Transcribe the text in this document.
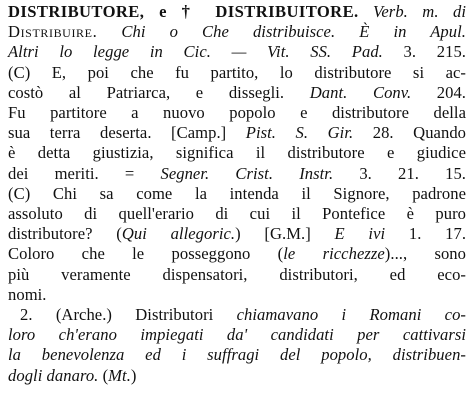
DISTRIBUTORE, e † DISTRIBUITORE. Verb. m. di
Distribuire. Chi o Che distribuisce. È in Apul.
Altri lo legge in Cic. — Vit. SS. Pad. 3. 215.
(C) E, poi che fu partito, lo distributore si ac-
costò al Patriarca, e dissegli. Dant. Conv. 204.
Fu partitore a nuovo popolo e distributore della
sua terra deserta. [Camp.] Pist. S. Gir. 28. Quando
è detta giustizia, significa il distributore e giudice
dei meriti. = Segner. Crist. Instr. 3. 21. 15.
(C) Chi sa come la intenda il Signore, padrone
assoluto di quell'erario di cui il Pontefice è puro
distributore? (Qui allegoric.) [G.M.] E ivi 1. 17.
Coloro che le posseggono (le ricchezze)..., sono
più veramente dispensatori, distributori, ed eco-
nomi.
2. (Arche.) Distributori chiamavano i Romani co-
loro ch'erano impiegati da' candidati per cattivarsi
la benevolenza ed i suffragi del popolo, distribuen-
dogli danaro. (Mt.)
